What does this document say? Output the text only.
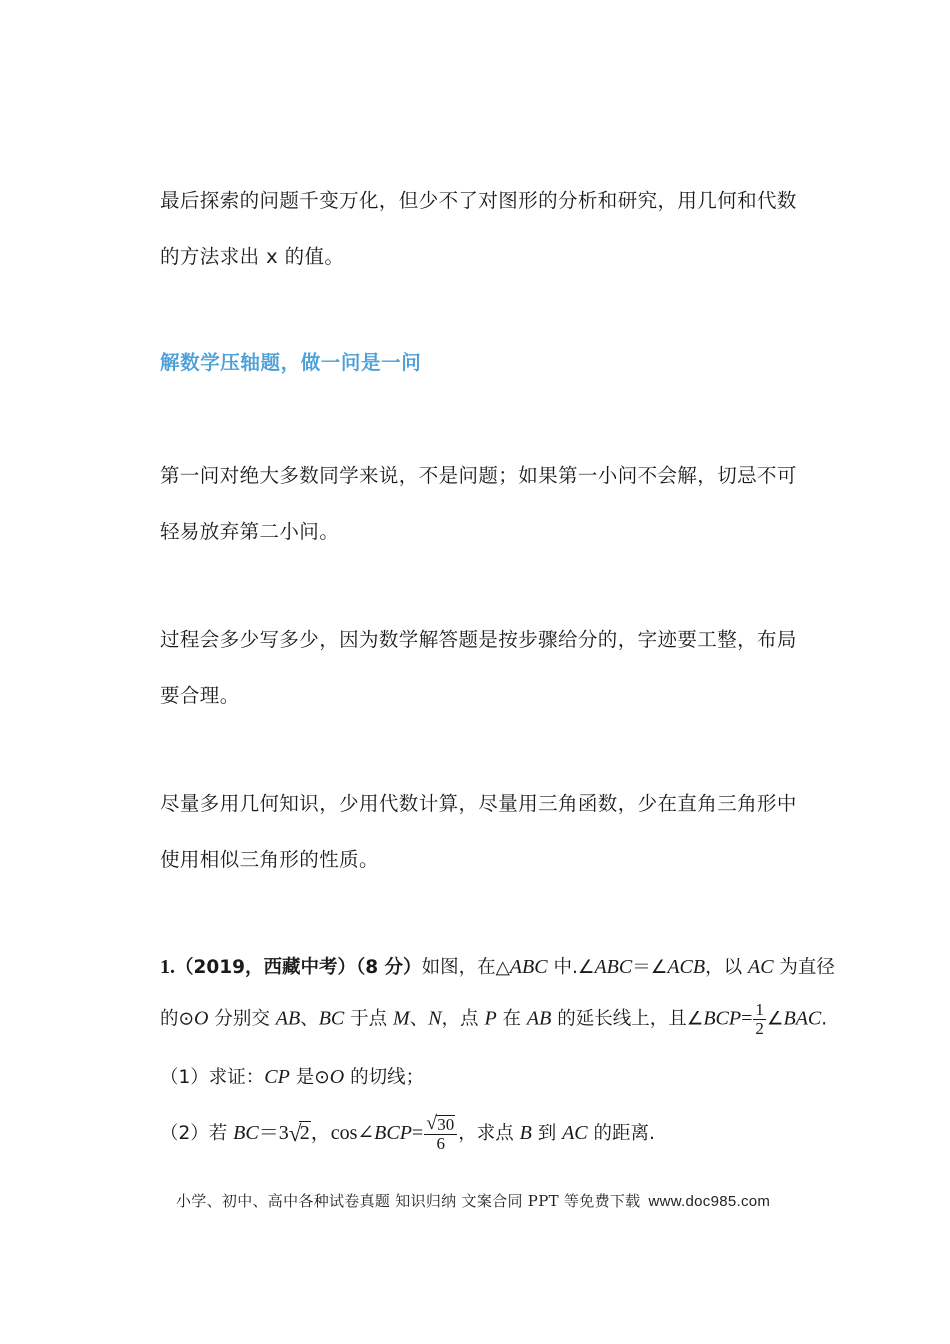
最后探索的问题千变万化，但少不了对图形的分析和研究，用几何和代数
的方法求出 x 的值。
解数学压轴题，做一问是一问
第一问对绝大多数同学来说，不是问题；如果第一小问不会解，切忌不可
轻易放弃第二小问。
过程会多少写多少，因为数学解答题是按步骤给分的，字迹要工整，布局
要合理。
尽量多用几何知识，少用代数计算，尽量用三角函数，少在直角三角形中
使用相似三角形的性质。
1.（2019，西藏中考）（8 分）如图，在△ABC 中.∠ABC＝∠ACB，以 AC 为直径
的⊙O 分别交 AB、BC 于点 M、N，点 P 在 AB 的延长线上，且∠BCP= $\frac{1}{2}$ ∠BAC.
（1）求证：CP 是⊙O 的切线；
（2）若 BC＝3 √
2，cos∠BCP= $\frac{√ 30}{6}$ ，求点 B 到 AC 的距离.
小学、初中、高中各种试卷真题 知识归纳 文案合同 PPT 等免费下载 www.doc985.com
